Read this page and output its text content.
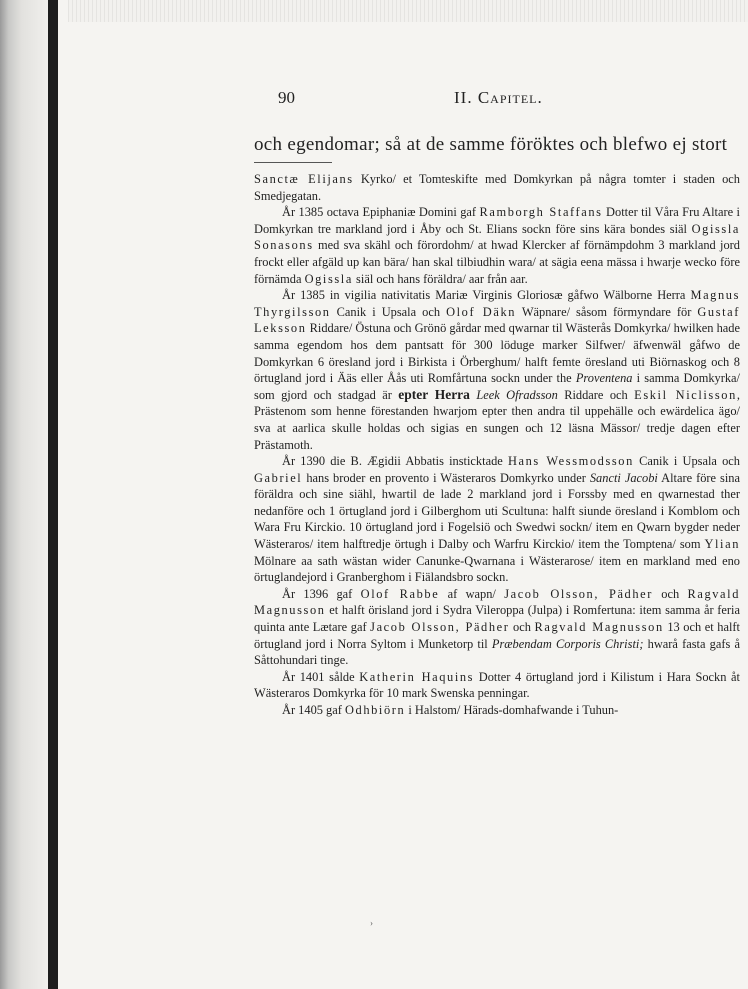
90	II. Capitel.
och egendomar; så at de samme föröktes och blefwo ej stort

Sanctæ Elijans Kyrko/ et Tomteskifte med Domkyrkan på några tomter i staden och Smedjegatan.

År 1385 octava Epiphaniæ Domini gaf Ramborgh Staffans Dotter til Våra Fru Altare i Domkyrkan tre markland jord i Åby och St. Elians sockn före sins kära bondes siäl Ogissla Sonasons med sva skähl och förordohm/ at hwad Klercker af förnämpdohm 3 markland jord frockt eller afgäld up kan bära/ han skal tilbiudhin wara/ at sägia eena mässa i hwarje wecko före förnämda Ogissla siäl och hans föräldra/ aar från aar.

År 1385 in vigilia nativitatis Mariæ Virginis Gloriosæ gåfwo Wälborne Herra Magnus Thyrgilsson Canik i Upsala och Olof Däkn Wäpnare/ såsom förmyndare för Gustaf Leksson Riddare/ Östuna och Grönö gårdar med qwarnar til Wästerås Domkyrka/ hwilken hade samma egendom hos dem pantsatt för 300 löduge marker Silfwer/ äfwenwäl gåfwo de Domkyrkan 6 öresland jord i Birkista i Örberghum/ halft femte öresland uti Biörnaskog och 8 örtugland jord i Ääs eller Åås uti Romfårtuna sockn under the Proventena i samma Domkyrka/ som gjord och stadgad är epter Herra Leek Ofradsson Riddare och Eskil Niclisson, Prästenom som henne förestanden hwarjom epter then andra til uppehälle och ewärdelica ägo/ sva at aarlica skulle holdas och sigias en sungen och 12 läsna Mässor/ tredje dagen efter Prästamoth.

År 1390 die B. Ægidii Abbatis insticktade Hans Wessmodsson Canik i Upsala och Gabriel hans broder en provento i Wästeraros Domkyrko under Sancti Jacobi Altare före sina föräldra och sine siähl, hwartil de lade 2 markland jord i Forssby med en qwarnestad ther nedanföre och 1 örtugland jord i Gilberghom uti Scultuna: halft siunde öresland i Komblom och Wara Fru Kirckio. 10 örtugland jord i Fogelsiö och Swedwi sockn/ item en Qwarn bygder neder Wästeraros/ item halftredje örtugh i Dalby och Warfru Kirckio/ item the Tomptena/ som Ylian Mölnare aa sath wästan wider Canunke-Qwarnana i Wästerarose/ item en markland med eno örtuglandejord i Granberghom i Fiälandsbro sockn.

År 1396 gaf Olof Rabbe af wapn/ Jacob Olsson, Pädher och Ragvald Magnusson et halft örisland jord i Sydra Vileroppa (Julpa) i Romfertuna: item samma år feria quinta ante Lætare gaf Jacob Olsson, Pädher och Ragvald Magnusson 13 och et halft örtugland jord i Norra Syltom i Munketorp til Præbendam Corporis Christi; hwarå fasta gafs å Såttohundari tinge.

År 1401 sålde Katherin Haquins Dotter 4 örtugland jord i Kilistum i Hara Sockn åt Wästeraros Domkyrka för 10 mark Swenska penningar.

År 1405 gaf Odhbiörn i Halstom/ Härads-domhafwande i Tuhun-

›
